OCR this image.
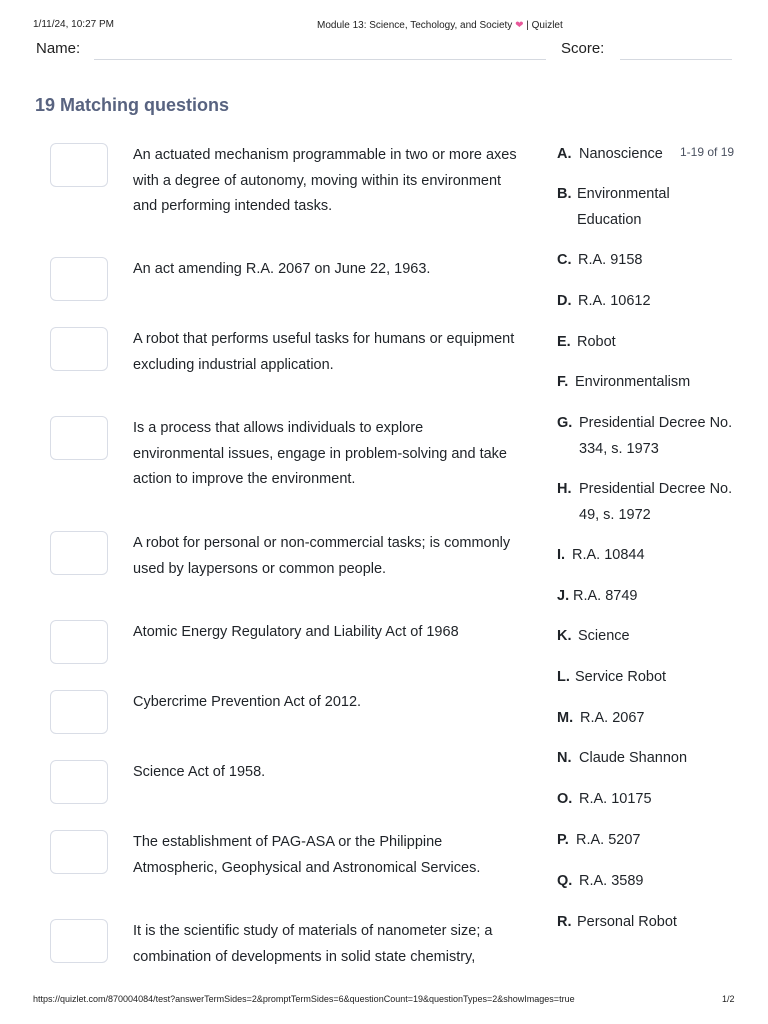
1/11/24, 10:27 PM	Module 13: Science, Techology, and Society ❤ | Quizlet
Name:	Score:
19 Matching questions
1-19 of 19
An actuated mechanism programmable in two or more axes with a degree of autonomy, moving within its environment and performing intended tasks.
An act amending R.A. 2067 on June 22, 1963.
A robot that performs useful tasks for humans or equipment excluding industrial application.
Is a process that allows individuals to explore environmental issues, engage in problem-solving and take action to improve the environment.
A robot for personal or non-commercial tasks; is commonly used by laypersons or common people.
Atomic Energy Regulatory and Liability Act of 1968
Cybercrime Prevention Act of 2012.
Science Act of 1958.
The establishment of PAG-ASA or the Philippine Atmospheric, Geophysical and Astronomical Services.
It is the scientific study of materials of nanometer size; a combination of developments in solid state chemistry,
A. Nanoscience
B. Environmental Education
C. R.A. 9158
D. R.A. 10612
E. Robot
F. Environmentalism
G. Presidential Decree No. 334, s. 1973
H. Presidential Decree No. 49, s. 1972
I. R.A. 10844
J. R.A. 8749
K. Science
L. Service Robot
M. R.A. 2067
N. Claude Shannon
O. R.A. 10175
P. R.A. 5207
Q. R.A. 3589
R. Personal Robot
https://quizlet.com/870004084/test?answerTermSides=2&promptTermSides=6&questionCount=19&questionTypes=2&showImages=true	1/2
